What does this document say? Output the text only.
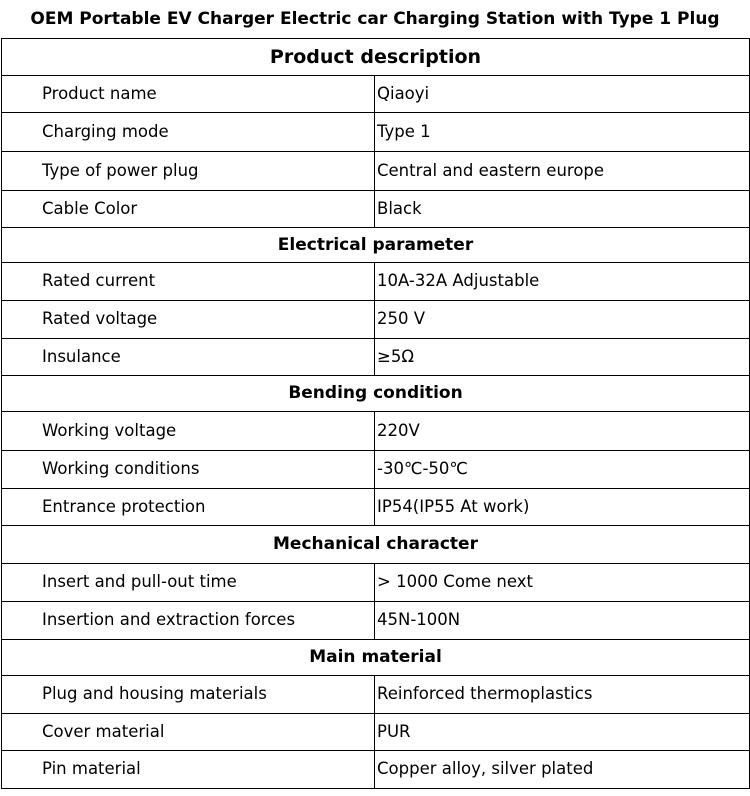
OEM Portable EV Charger Electric car Charging Station with Type 1 Plug
Product description	
Product name	Qiaoyi
Charging mode	Type 1
Type of power plug	Central and eastern europe
Cable Color	Black
Electrical parameter	
Rated current	10A-32A Adjustable
Rated voltage	250 V
Insulance	≥5Ω
Bending condition	
Working voltage	220V
Working conditions	-30℃-50℃
Entrance protection	IP54(IP55 At work)
Mechanical character	
Insert and pull-out time	> 1000 Come next
Insertion and extraction forces	45N-100N
Main material	
Plug and housing materials	Reinforced thermoplastics
Cover material	PUR
Pin material	Copper alloy, silver plated
